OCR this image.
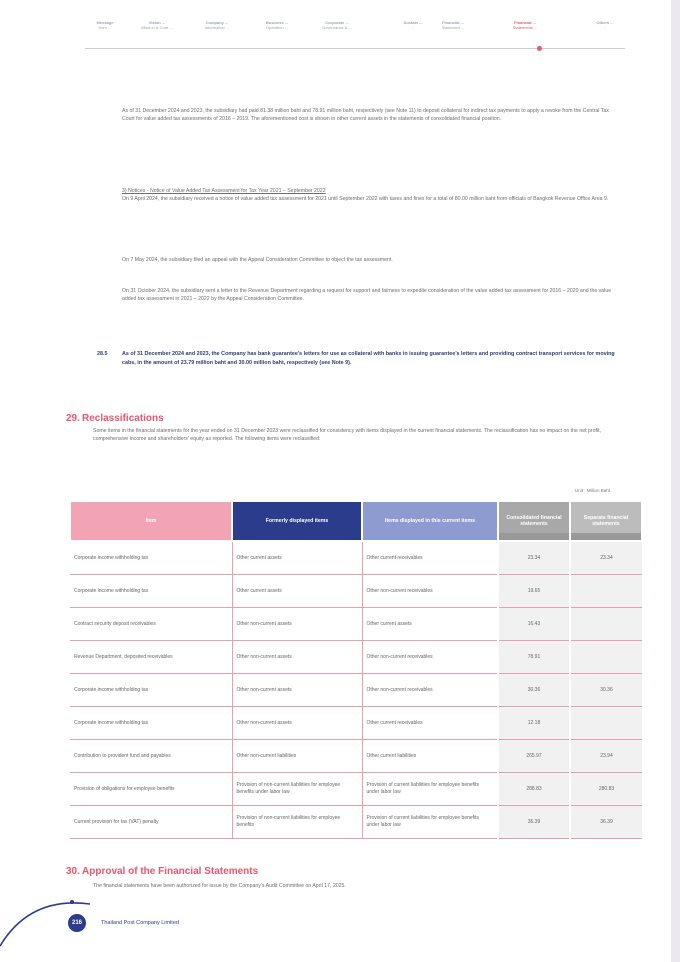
Message
from ...
Vision ...
Mission & Core ...
Company ...
Information ...
Business ...
Operation ...
Corporate ...
Governance & ...
Sustain ...
...
Financial ...
Statement ...
Financial ...
Statements ...
Others ...
...
As of 31 December 2024 and 2023, the subsidiary had paid 81.38 million baht and 78.91 million baht, respectively (see Note 11) to deposit collateral for indirect tax payments to apply a revoke from the Central Tax Court for value added tax assessments of 2016 – 2019. The aforementioned cost is shown in other current assets in the statements of consolidated financial position.
3) Notices - Notice of Value Added Tax Assessment for Tax Year 2021 – September 2022
On 9 April 2024, the subsidiary received a notice of value added tax assessment for 2021 until September 2022 with taxes and fines for a total of 80.00 million baht from officials of Bangkok Revenue Office Area 9.
On 7 May 2024, the subsidiary filed an appeal with the Appeal Consideration Committee to object the tax assessment.
On 31 October 2024, the subsidiary sent a letter to the Revenue Department regarding a request for support and fairness to expedite consideration of the value added tax assessment for 2016 – 2020 and the value added tax assessment in 2021 – 2022 by the Appeal Consideration Committee.
28.5	As of 31 December 2024 and 2023, the Company has bank guarantee’s letters for use as collateral with banks in issuing guarantee’s letters and providing contract transport services for moving cabs, in the amount of 23.79 million baht and 30.00 million baht, respectively (see Note 9).
29. Reclassifications
Some items in the financial statements for the year ended on 31 December 2023 were reclassified for consistency with items displayed in the current financial statements. The reclassification has no impact on the net profit, comprehensive income and shareholders’ equity as reported. The following items were reclassified:
Unit : Million Baht
Item	Formerly displayed items	Items displayed in this current items	Consolidated financial statements	Separate financial statements

Corporate income withholding tax	Other current assets	Other current receivables	23.34	23.34
Corporate income withholding tax	Other current assets	Other non-current receivables	19.65	
Contract security deposit receivables	Other non-current assets	Other current assets	16.43	
Revenue Department, deposited receivables	Other non-current assets	Other non-current receivables	78.91	
Corporate income withholding tax	Other non-current assets	Other non-current receivables	30.36	30.36
Corporate income withholding tax	Other non-current assets	Other current receivables	12.18	
Contribution to provident fund and payables	Other non-current liabilities	Other current liabilities	265.97	23.94
Provision of obligations for employee benefits	Provision of non-current liabilities for employee benefits under labor law	Provision of current liabilities for employee benefits under labor law	288.83	280.83
Current provision for tax (VAT) penalty	Provision of non-current liabilities for employee benefits	Provision of current liabilities for employee benefits under labor law	36.39	36.39
30. Approval of the Financial Statements
The financial statements have been authorized for issue by the Company’s Audit Committee on April 17, 2025.
216	Thailand Post Company Limited
